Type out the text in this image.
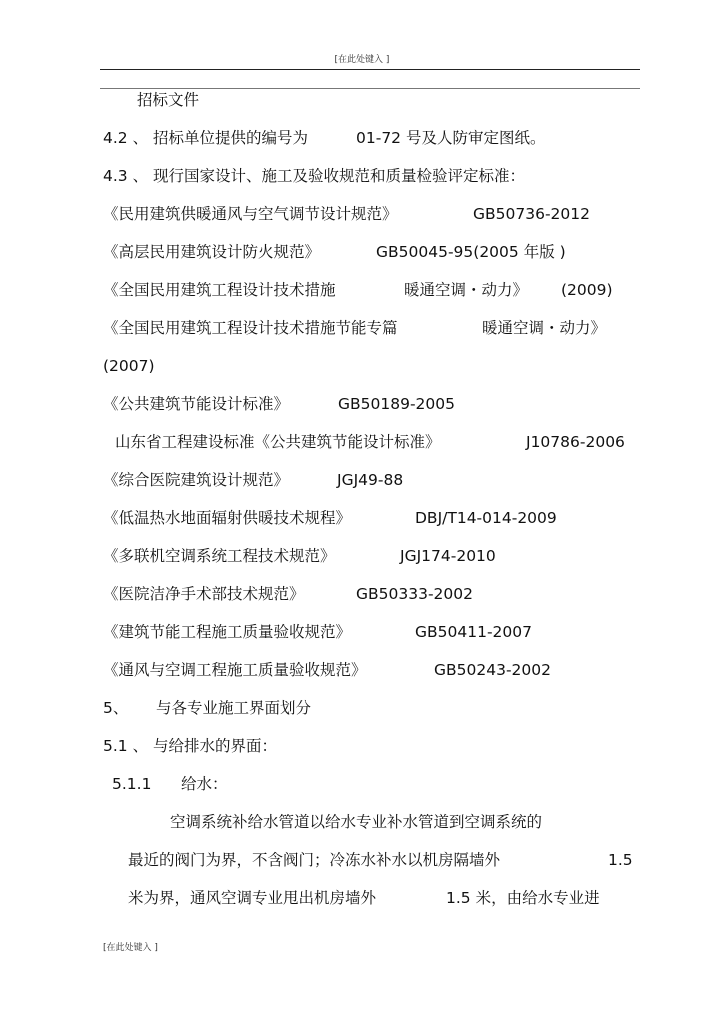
[在此处键入 ]
招标文件
4.2 、 招标单位提供的编号为	01-72 号及人防审定图纸。
4.3 、 现行国家设计、施工及验收规范和质量检验评定标准：
《民用建筑供暖通风与空气调节设计规范》	GB50736-2012
《高层民用建筑设计防火规范》	GB50045-95(2005 年版 )
《全国民用建筑工程设计技术措施	暖通空调・动力》 (2009)
《全国民用建筑工程设计技术措施节能专篇	暖通空调・动力》
(2007)
《公共建筑节能设计标准》	GB50189-2005
山东省工程建设标准《公共建筑节能设计标准》	J10786-2006
《综合医院建筑设计规范》	JGJ49-88
《低温热水地面辐射供暖技术规程》	DBJ/T14-014-2009
《多联机空调系统工程技术规范》	JGJ174-2010
《医院洁净手术部技术规范》	GB50333-2002
《建筑节能工程施工质量验收规范》	GB50411-2007
《通风与空调工程施工质量验收规范》	GB50243-2002
5、 与各专业施工界面划分
5.1 、 与给排水的界面：
5.1.1 给水：
空调系统补给水管道以给水专业补水管道到空调系统的
最近的阀门为界，不含阀门；冷冻水补水以机房隔墙外	1.5
米为界，通风空调专业甩出机房墙外	1.5 米，由给水专业进
[在此处键入 ]
